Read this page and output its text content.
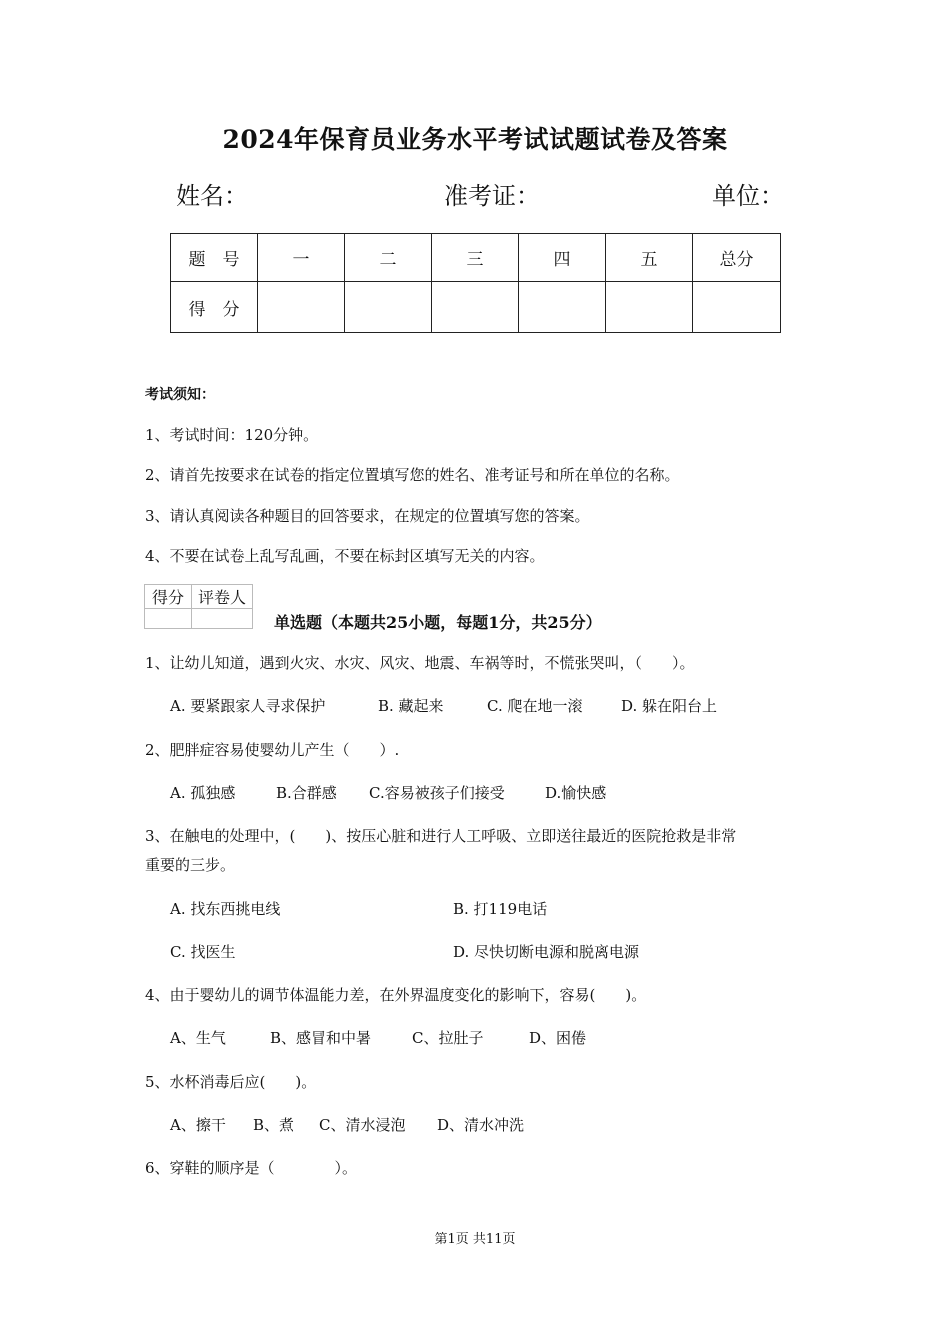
2024年保育员业务水平考试试题试卷及答案
姓名：	准考证：	单位：
题　号	一	二	三	四	五	总分
得　分						
考试须知：
1、考试时间：120分钟。
2、请首先按要求在试卷的指定位置填写您的姓名、准考证号和所在单位的名称。
3、请认真阅读各种题目的回答要求，在规定的位置填写您的答案。
4、不要在试卷上乱写乱画，不要在标封区填写无关的内容。
得分	评卷人

单选题（本题共25小题，每题1分，共25分）
1、让幼儿知道，遇到火灾、水灾、风灾、地震、车祸等时，不慌张哭叫，（　　）。
A. 要紧跟家人寻求保护	B. 藏起来	C. 爬在地一滚	D. 躲在阳台上
2、肥胖症容易使婴幼儿产生（　　）.
A. 孤独感	B.合群感 C.容易被孩子们接受	D.愉快感
3、在触电的处理中，(　　)、按压心脏和进行人工呼吸、立即送往最近的医院抢救是非常
重要的三步。
A. 找东西挑电线	B. 打119电话
C. 找医生	D. 尽快切断电源和脱离电源
4、由于婴幼儿的调节体温能力差，在外界温度变化的影响下，容易(　　)。
A、生气	B、感冒和中暑	C、拉肚子	D、困倦
5、水杯消毒后应(　　)。
A、擦干 B、煮 C、清水浸泡 D、清水冲洗
6、穿鞋的顺序是（　　　　）。
第1页 共11页
